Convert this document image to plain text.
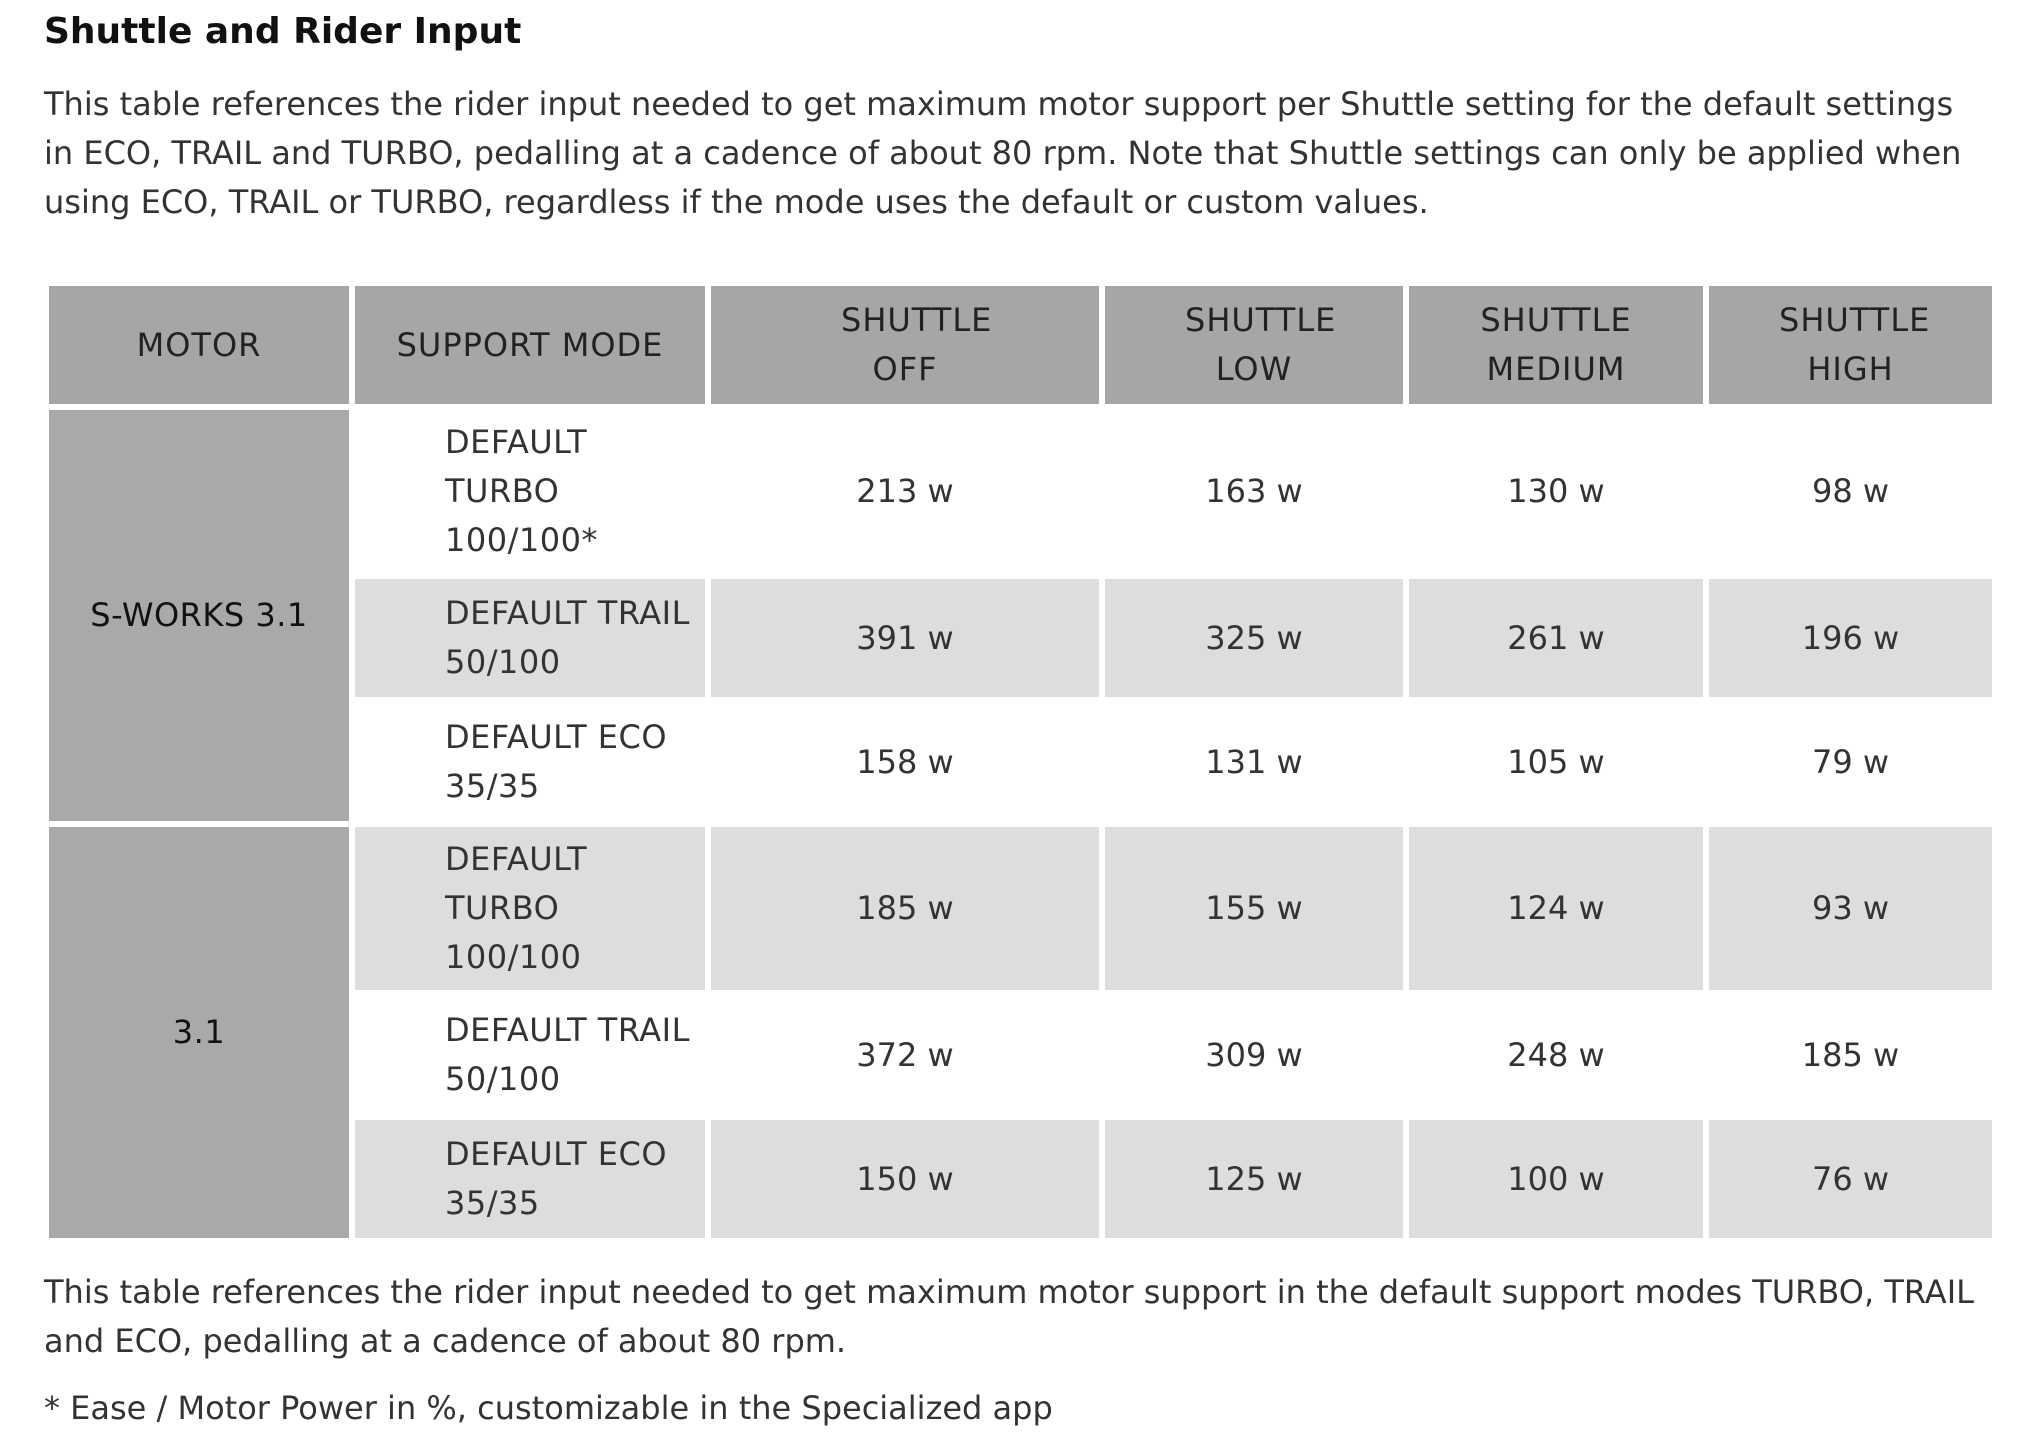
Shuttle and Rider Input

This table references the rider input needed to get maximum motor support per Shuttle setting for the default settings in ECO, TRAIL and TURBO, pedalling at a cadence of about 80 rpm. Note that Shuttle settings can only be applied when using ECO, TRAIL or TURBO, regardless if the mode uses the default or custom values.

MOTOR	SUPPORT MODE	SHUTTLE OFF	SHUTTLE LOW	SHUTTLE MEDIUM	SHUTTLE HIGH
S-WORKS 3.1	DEFAULT TURBO 100/100*	213 w	163 w	130 w	98 w
	DEFAULT TRAIL 50/100	391 w	325 w	261 w	196 w
	DEFAULT ECO 35/35	158 w	131 w	105 w	79 w
3.1	DEFAULT TURBO 100/100	185 w	155 w	124 w	93 w
	DEFAULT TRAIL 50/100	372 w	309 w	248 w	185 w
	DEFAULT ECO 35/35	150 w	125 w	100 w	76 w

This table references the rider input needed to get maximum motor support in the default support modes TURBO, TRAIL and ECO, pedalling at a cadence of about 80 rpm.

* Ease / Motor Power in %, customizable in the Specialized app
